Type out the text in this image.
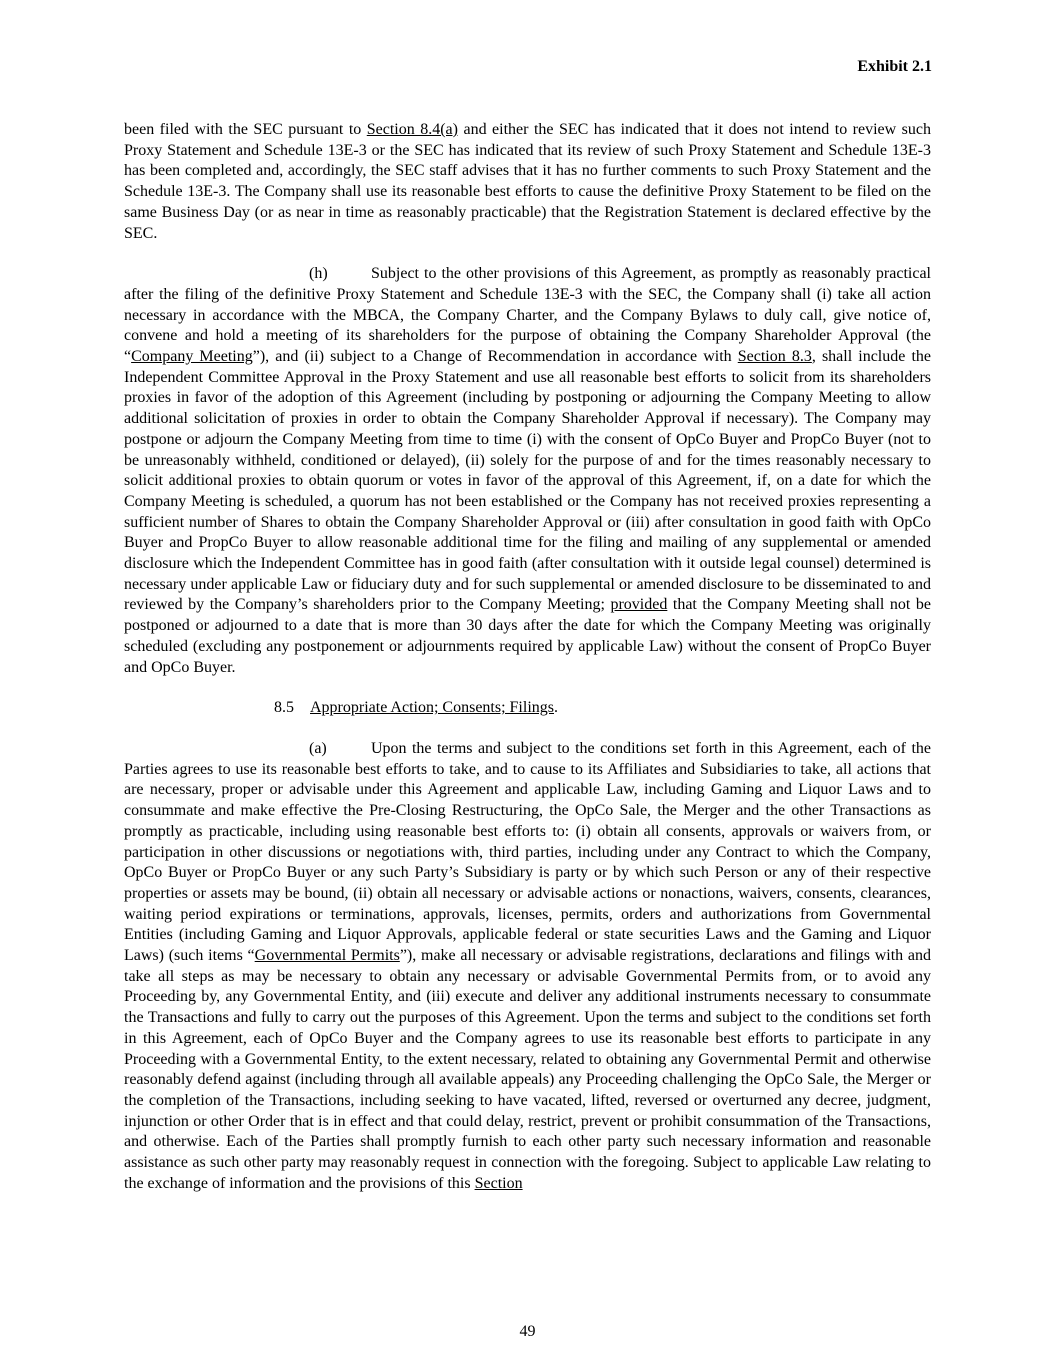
Exhibit 2.1

been filed with the SEC pursuant to Section 8.4(a) and either the SEC has indicated that it does not intend to review such Proxy Statement and Schedule 13E-3 or the SEC has indicated that its review of such Proxy Statement and Schedule 13E-3 has been completed and, accordingly, the SEC staff advises that it has no further comments to such Proxy Statement and the Schedule 13E-3. The Company shall use its reasonable best efforts to cause the definitive Proxy Statement to be filed on the same Business Day (or as near in time as reasonably practicable) that the Registration Statement is declared effective by the SEC.

(h)	Subject to the other provisions of this Agreement, as promptly as reasonably practical after the filing of the definitive Proxy Statement and Schedule 13E-3 with the SEC, the Company shall (i) take all action necessary in accordance with the MBCA, the Company Charter, and the Company Bylaws to duly call, give notice of, convene and hold a meeting of its shareholders for the purpose of obtaining the Company Shareholder Approval (the “Company Meeting”), and (ii) subject to a Change of Recommendation in accordance with Section 8.3, shall include the Independent Committee Approval in the Proxy Statement and use all reasonable best efforts to solicit from its shareholders proxies in favor of the adoption of this Agreement (including by postponing or adjourning the Company Meeting to allow additional solicitation of proxies in order to obtain the Company Shareholder Approval if necessary). The Company may postpone or adjourn the Company Meeting from time to time (i) with the consent of OpCo Buyer and PropCo Buyer (not to be unreasonably withheld, conditioned or delayed), (ii) solely for the purpose of and for the times reasonably necessary to solicit additional proxies to obtain quorum or votes in favor of the approval of this Agreement, if, on a date for which the Company Meeting is scheduled, a quorum has not been established or the Company has not received proxies representing a sufficient number of Shares to obtain the Company Shareholder Approval or (iii) after consultation in good faith with OpCo Buyer and PropCo Buyer to allow reasonable additional time for the filing and mailing of any supplemental or amended disclosure which the Independent Committee has in good faith (after consultation with it outside legal counsel) determined is necessary under applicable Law or fiduciary duty and for such supplemental or amended disclosure to be disseminated to and reviewed by the Company’s shareholders prior to the Company Meeting; provided that the Company Meeting shall not be postponed or adjourned to a date that is more than 30 days after the date for which the Company Meeting was originally scheduled (excluding any postponement or adjournments required by applicable Law) without the consent of PropCo Buyer and OpCo Buyer.

8.5 Appropriate Action; Consents; Filings.

(a)	Upon the terms and subject to the conditions set forth in this Agreement, each of the Parties agrees to use its reasonable best efforts to take, and to cause to its Affiliates and Subsidiaries to take, all actions that are necessary, proper or advisable under this Agreement and applicable Law, including Gaming and Liquor Laws and to consummate and make effective the Pre-Closing Restructuring, the OpCo Sale, the Merger and the other Transactions as promptly as practicable, including using reasonable best efforts to: (i) obtain all consents, approvals or waivers from, or participation in other discussions or negotiations with, third parties, including under any Contract to which the Company, OpCo Buyer or PropCo Buyer or any such Party’s Subsidiary is party or by which such Person or any of their respective properties or assets may be bound, (ii) obtain all necessary or advisable actions or nonactions, waivers, consents, clearances, waiting period expirations or terminations, approvals, licenses, permits, orders and authorizations from Governmental Entities (including Gaming and Liquor Approvals, applicable federal or state securities Laws and the Gaming and Liquor Laws) (such items “Governmental Permits”), make all necessary or advisable registrations, declarations and filings with and take all steps as may be necessary to obtain any necessary or advisable Governmental Permits from, or to avoid any Proceeding by, any Governmental Entity, and (iii) execute and deliver any additional instruments necessary to consummate the Transactions and fully to carry out the purposes of this Agreement. Upon the terms and subject to the conditions set forth in this Agreement, each of OpCo Buyer and the Company agrees to use its reasonable best efforts to participate in any Proceeding with a Governmental Entity, to the extent necessary, related to obtaining any Governmental Permit and otherwise reasonably defend against (including through all available appeals) any Proceeding challenging the OpCo Sale, the Merger or the completion of the Transactions, including seeking to have vacated, lifted, reversed or overturned any decree, judgment, injunction or other Order that is in effect and that could delay, restrict, prevent or prohibit consummation of the Transactions, and otherwise. Each of the Parties shall promptly furnish to each other party such necessary information and reasonable assistance as such other party may reasonably request in connection with the foregoing. Subject to applicable Law relating to the exchange of information and the provisions of this Section

49
